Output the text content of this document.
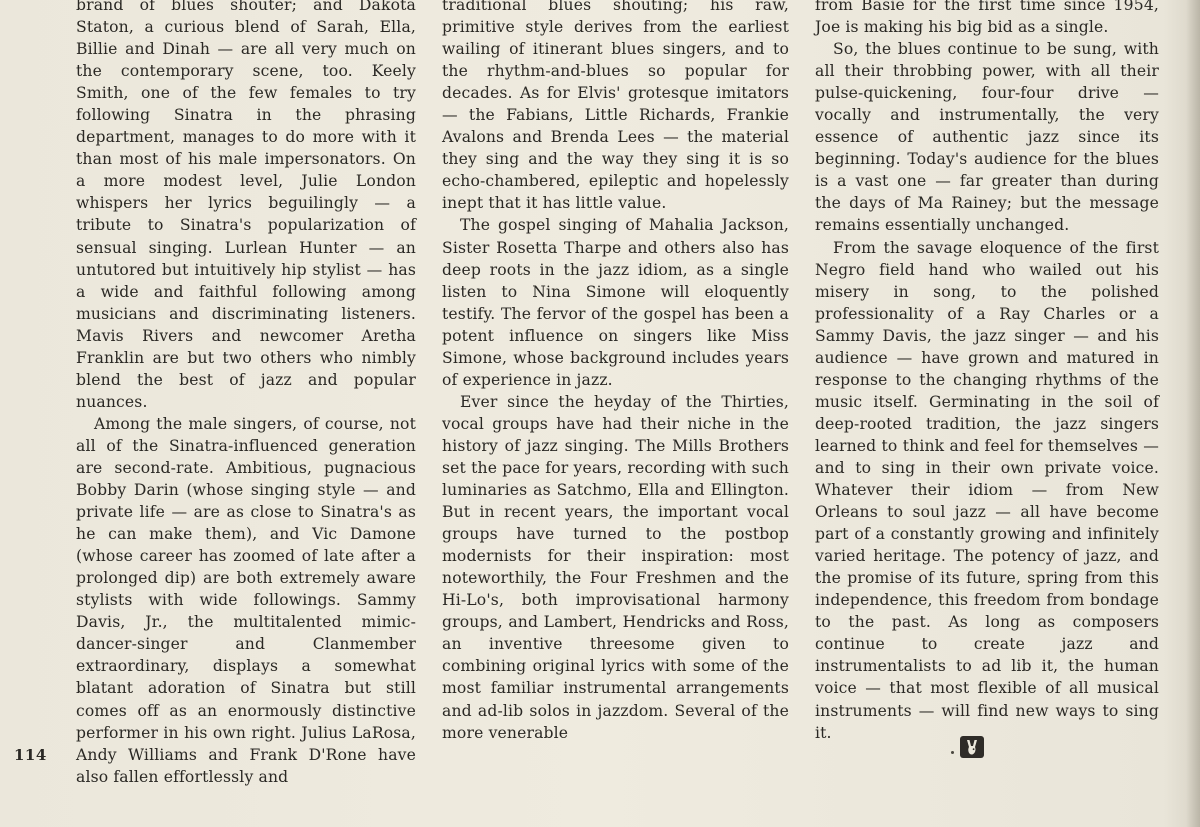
brand of blues shouter; and Dakota Staton, a curious blend of Sarah, Ella, Billie and Dinah — are all very much on the contemporary scene, too. Keely Smith, one of the few females to try following Sinatra in the phrasing department, manages to do more with it than most of his male impersonators. On a more modest level, Julie London whispers her lyrics beguilingly — a tribute to Sinatra's popularization of sensual singing. Lurlean Hunter — an untutored but intuitively hip stylist — has a wide and faithful following among musicians and discriminating listeners. Mavis Rivers and newcomer Aretha Franklin are but two others who nimbly blend the best of jazz and popular nuances.

Among the male singers, of course, not all of the Sinatra-influenced generation are second-rate. Ambitious, pugnacious Bobby Darin (whose singing style — and private life — are as close to Sinatra's as he can make them), and Vic Damone (whose career has zoomed of late after a prolonged dip) are both extremely aware stylists with wide followings. Sammy Davis, Jr., the multitalented mimic-dancer-singer and Clanmember extraordinary, displays a somewhat blatant adoration of Sinatra but still comes off as an enormously distinctive performer in his own right. Julius LaRosa, Andy Williams and Frank D'Rone have also fallen effortlessly and

traditional blues shouting; his raw, primitive style derives from the earliest wailing of itinerant blues singers, and to the rhythm-and-blues so popular for decades. As for Elvis' grotesque imitators — the Fabians, Little Richards, Frankie Avalons and Brenda Lees — the material they sing and the way they sing it is so echo-chambered, epileptic and hopelessly inept that it has little value.

The gospel singing of Mahalia Jackson, Sister Rosetta Tharpe and others also has deep roots in the jazz idiom, as a single listen to Nina Simone will eloquently testify. The fervor of the gospel has been a potent influence on singers like Miss Simone, whose background includes years of experience in jazz.

Ever since the heyday of the Thirties, vocal groups have had their niche in the history of jazz singing. The Mills Brothers set the pace for years, recording with such luminaries as Satchmo, Ella and Ellington. But in recent years, the important vocal groups have turned to the postbop modernists for their inspiration: most noteworthily, the Four Freshmen and the Hi-Lo's, both improvisational harmony groups, and Lambert, Hendricks and Ross, an inventive threesome given to combining original lyrics with some of the most familiar instrumental arrangements and ad-lib solos in jazzdom. Several of the more venerable

from Basie for the first time since 1954, Joe is making his big bid as a single.

So, the blues continue to be sung, with all their throbbing power, with all their pulse-quickening, four-four drive — vocally and instrumentally, the very essence of authentic jazz since its beginning. Today's audience for the blues is a vast one — far greater than during the days of Ma Rainey; but the message remains essentially unchanged.

From the savage eloquence of the first Negro field hand who wailed out his misery in song, to the polished professionality of a Ray Charles or a Sammy Davis, the jazz singer — and his audience — have grown and matured in response to the changing rhythms of the music itself. Germinating in the soil of deep-rooted tradition, the jazz singers learned to think and feel for themselves — and to sing in their own private voice. Whatever their idiom — from New Orleans to soul jazz — all have become part of a constantly growing and infinitely varied heritage. The potency of jazz, and the promise of its future, spring from this independence, this freedom from bondage to the past. As long as composers continue to create jazz and instrumentalists to ad lib it, the human voice — that most flexible of all musical instruments — will find new ways to sing it.

114
